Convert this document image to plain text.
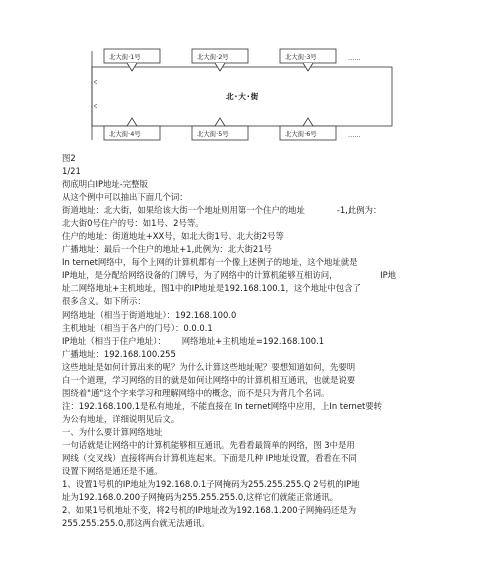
北大街·1号	北大街·2号	北大街·3号	……
北·大·街
北大街·4号	北大街·5号	北大街·6号	……
图2
1/21
彻底明白IP地址-完整版
从这个例中可以抽出下面几个词：
街道地址：北大街，如果给该大街一个地址则用第一个住户的地址            -1,此例为：
北大街0号住户的号：如1号、2号等。
住户的地址：街道地址+XX号，如北大街1号、北大街2号等
广播地址：最后一个住户的地址+1,此例为：北大街21号
In ternet网络中，每个上网的计算机都有一个像上述例子的地址，这个地址就是
IP地址，是分配给网络设备的门牌号，为了网络中的计算机能够互相访问，                IP地
址二网络地址+主机地址，图1中的IP地址是192.168.100.1，这个地址中包含了
很多含义。如下所示：
网络地址（相当于街道地址）：192.168.100.0
主机地址（相当于各户的门号）：0.0.0.1
IP地址（相当于住户地址）：      网络地址+主机地址=192.168.100.1
广播地址：192.168.100.255
这些地址是如何计算出来的呢？为什么计算这些地址呢？要想知道如何，先要明
白一个道理，学习网络的目的就是如何让网络中的计算机相互通讯，也就是说要
围绕着"通"这个字来学习和理解网络中的概念，而不是只为背几个名词。
注：192.168.100.1是私有地址，不能直接在 In ternet网络中应用，上In ternet要转
为公有地址，详细说明见后文。
一、为什么要计算网络地址
一句话就是让网络中的计算机能够相互通讯。先看看最简单的网络，图 3中是用
网线（交叉线）直接将两台计算机连起来。下面是几种 IP地址设置，看看在不同
设置下网络是通还是不通。
1、设置1号机的IP地址为192.168.0.1子网掩码为255.255.255.Q 2号机的IP地
址为192.168.0.200子网掩码为255.255.255.0,这样它们就能正常通讯。
2、如果1号机地址不变，将2号机的IP地址改为192.168.1.200子网掩码还是为
255.255.255.0,那这两台就无法通讯。
